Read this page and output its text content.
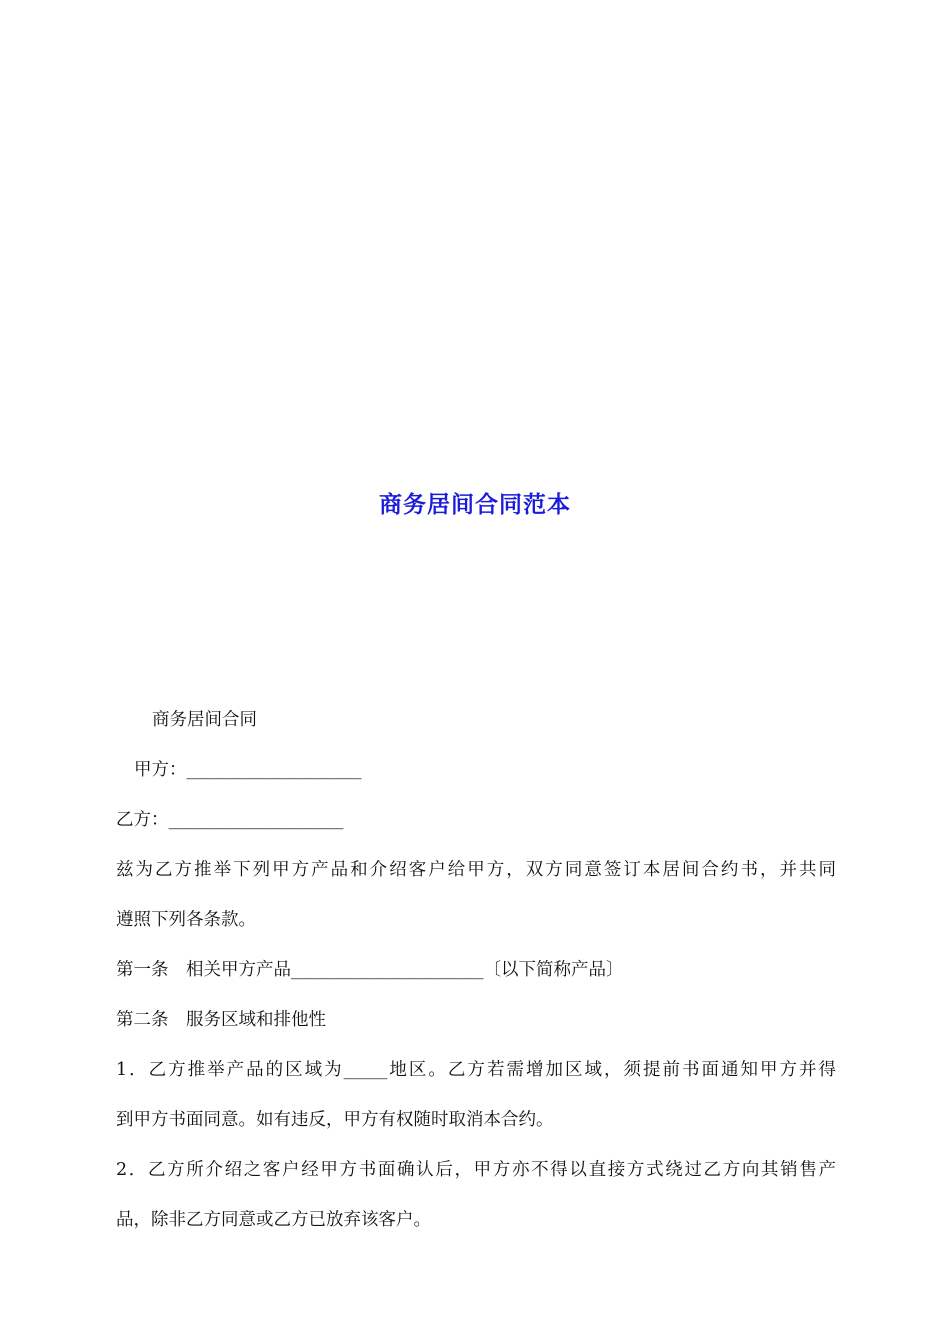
商务居间合同范本
商务居间合同
甲方：____________________
乙方：____________________
兹为乙方推举下列甲方产品和介绍客户给甲方，双方同意签订本居间合约书，并共同
遵照下列各条款。
第一条　相关甲方产品______________________〔以下简称产品〕
第二条　服务区域和排他性
1．乙方推举产品的区域为_____地区。乙方若需增加区域，须提前书面通知甲方并得
到甲方书面同意。如有违反，甲方有权随时取消本合约。
2．乙方所介绍之客户经甲方书面确认后，甲方亦不得以直接方式绕过乙方向其销售产
品，除非乙方同意或乙方已放弃该客户。
